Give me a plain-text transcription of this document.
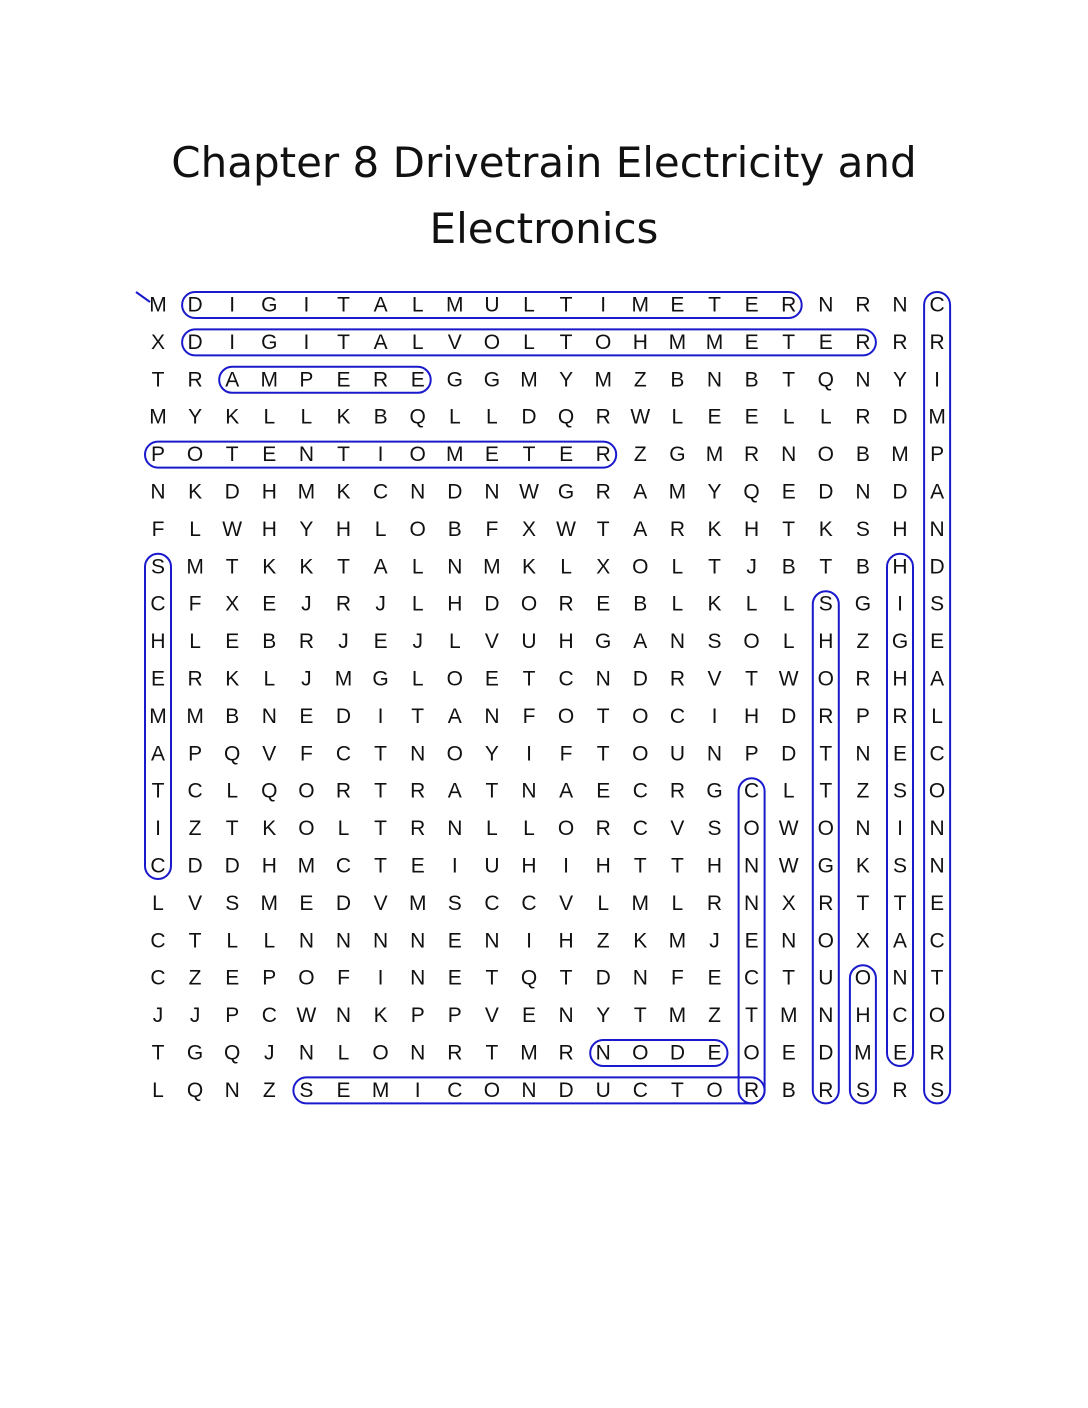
Chapter 8 Drivetrain Electricity and
Electronics
M D I G I T A L M U L T I M E T E R N R N C
X D I G I T A L V O L T O H M M E T E R R R
T R A M P E R E G G M Y M Z B N B T Q N Y I
M Y K L L K B Q L L D Q R W L E E L L R D M
P O T E N T I O M E T E R Z G M R N O B M P
N K D H M K C N D N W G R A M Y Q E D N D A
F L W H Y H L O B F X W T A R K H T K S H N
S M T K K T A L N M K L X O L T J B T B H D
C F X E J R J L H D O R E B L K L L S G I S
H L E B R J E J L V U H G A N S O L H Z G E
E R K L J M G L O E T C N D R V T W O R H A
M M B N E D I T A N F O T O C I H D R P R L
A P Q V F C T N O Y I F T O U N P D T N E C
T C L Q O R T R A T N A E C R G C L T Z S O
I Z T K O L T R N L L O R C V S O W O N I N
C D D H M C T E I U H I H T T H N W G K S N
L V S M E D V M S C C V L M L R N X R T T E
C T L L N N N N E N I H Z K M J E N O X A C
C Z E P O F I N E T Q T D N F E C T U O N T
J J P C W N K P P V E N Y T M Z T M N H C O
T G Q J N L O N R T M R N O D E O E D M E R
L Q N Z S E M I C O N D U C T O R B R S R S
